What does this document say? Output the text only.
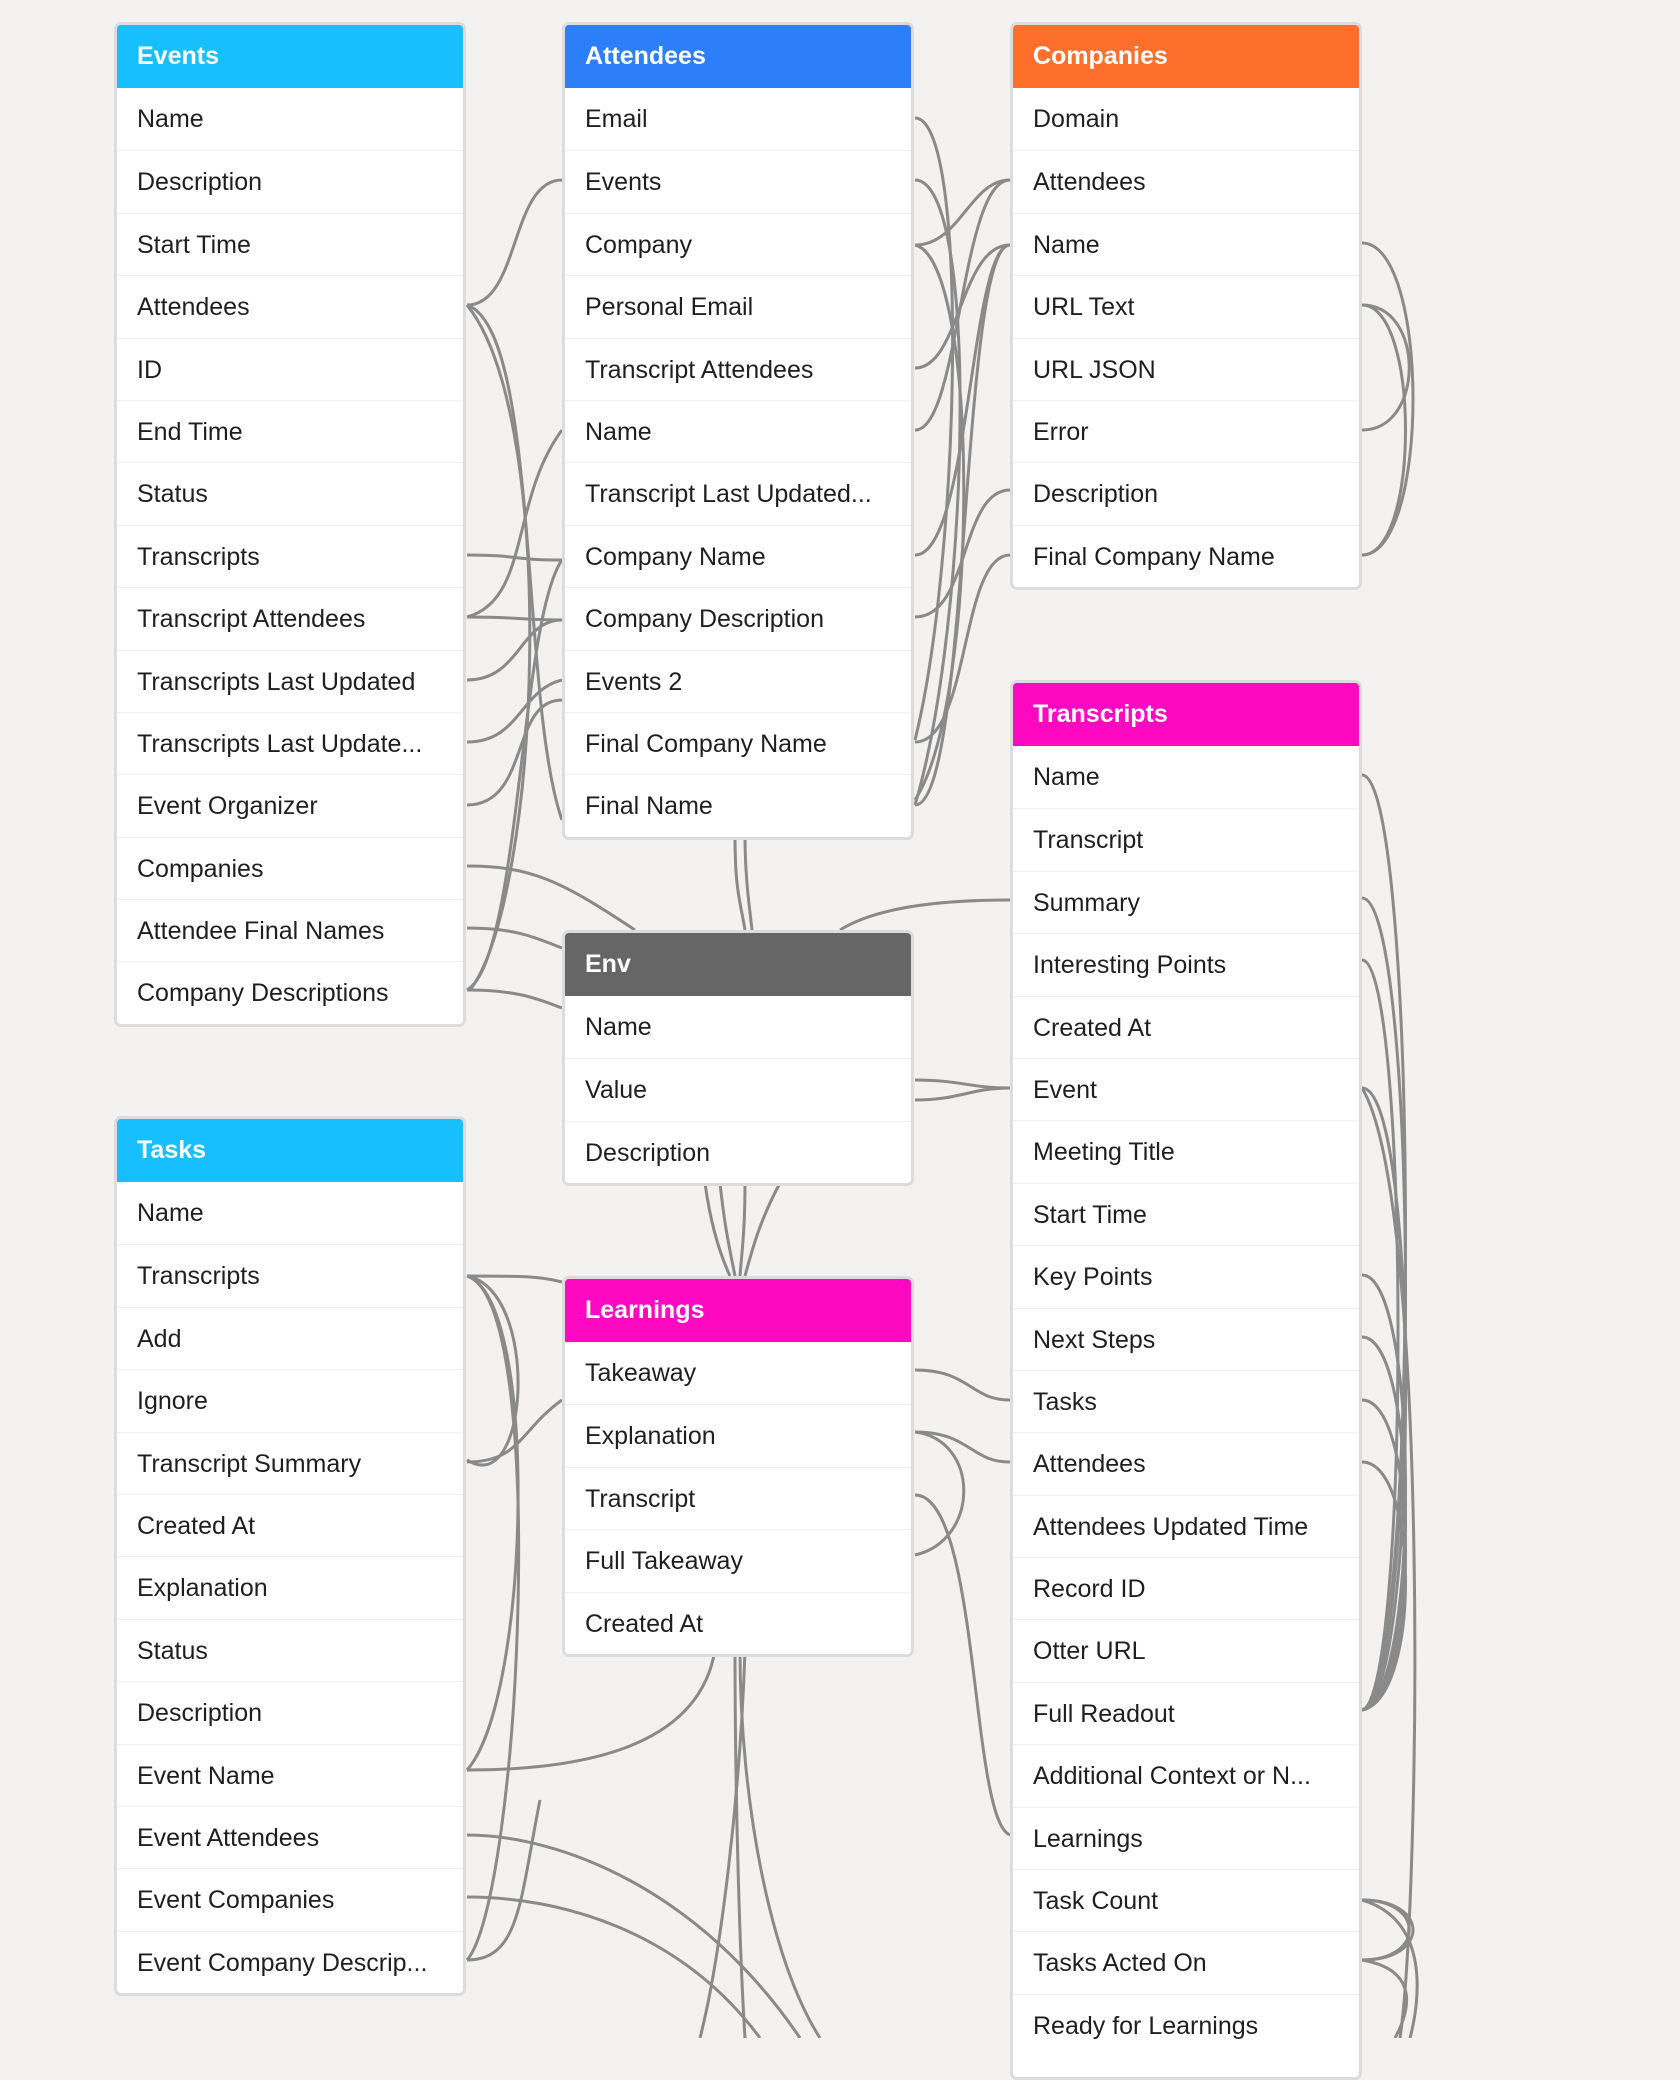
Events
Name
Description
Start Time
Attendees
ID
End Time
Status
Transcripts
Transcript Attendees
Transcripts Last Updated
Transcripts Last Update...
Event Organizer
Companies
Attendee Final Names
Company Descriptions
Attendees
Email
Events
Company
Personal Email
Transcript Attendees
Name
Transcript Last Updated...
Company Name
Company Description
Events 2
Final Company Name
Final Name
Companies
Domain
Attendees
Name
URL Text
URL JSON
Error
Description
Final Company Name
Env
Name
Value
Description
Transcripts
Name
Transcript
Summary
Interesting Points
Created At
Event
Meeting Title
Start Time
Key Points
Next Steps
Tasks
Attendees
Attendees Updated Time
Record ID
Otter URL
Full Readout
Additional Context or N...
Learnings
Task Count
Tasks Acted On
Ready for Learnings
Tasks
Name
Transcripts
Add
Ignore
Transcript Summary
Created At
Explanation
Status
Description
Event Name
Event Attendees
Event Companies
Event Company Descrip...
Learnings
Takeaway
Explanation
Transcript
Full Takeaway
Created At
